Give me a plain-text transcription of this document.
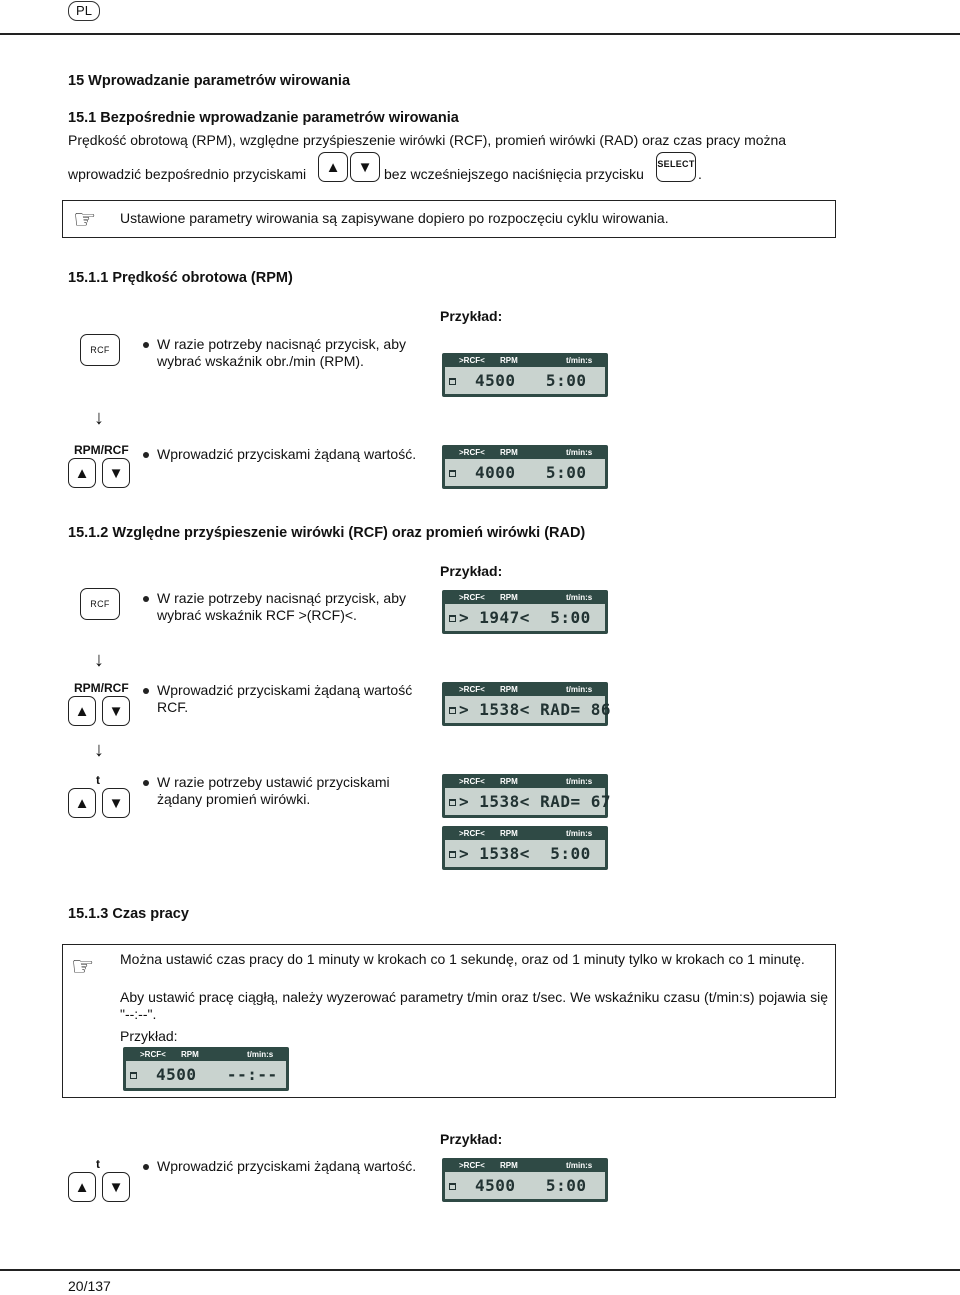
PL
15 Wprowadzanie parametrów wirowania
15.1 Bezpośrednie wprowadzanie parametrów wirowania
Prędkość obrotową (RPM), względne przyśpieszenie wirówki (RCF), promień wirówki (RAD) oraz czas pracy można
wprowadzić bezpośrednio przyciskami ▲ ▼ bez wcześniejszego naciśnięcia przycisku
SELECT
.
☞ Ustawione parametry wirowania są zapisywane dopiero po rozpoczęciu cyklu wirowania.
15.1.1 Prędkość obrotowa (RPM)
Przykład:
RCF	W razie potrzeby nacisnąć przycisk, aby wybrać wskaźnik obr./min (RPM).	>RCF< RPM	t/min:s
4500   5:00
↓
RPM/RCF
▲ ▼
Wprowadzić przyciskami żądaną wartość.	>RCF< RPM	t/min:s
4000   5:00
15.1.2 Względne przyśpieszenie wirówki (RCF) oraz promień wirówki (RAD)
Przykład:
RCF	W razie potrzeby nacisnąć przycisk, aby wybrać wskaźnik RCF >(RCF)<.
>RCF< RPM	t/min:s
> 1947<  5:00
↓
RPM/RCF
▲ ▼
Wprowadzić przyciskami żądaną wartość RCF.
>RCF< RPM	t/min:s
> 1538< RAD= 86
↓
t
▲ ▼
W razie potrzeby ustawić przyciskami żądany promień wirówki.
>RCF< RPM	t/min:s
> 1538< RAD= 67
>RCF< RPM	t/min:s
> 1538<  5:00
15.1.3 Czas pracy
☞ Można ustawić czas pracy do 1 minuty w krokach co 1 sekundę, oraz od 1 minuty tylko w krokach co 1 minutę.
Aby ustawić pracę ciągłą, należy wyzerować parametry t/min oraz t/sec. We wskaźniku czasu (t/min:s) pojawia się "--:--".
Przykład:
>RCF< RPM	t/min:s
4500   --:--
Przykład:
t
▲ ▼
Wprowadzić przyciskami żądaną wartość.	>RCF< RPM	t/min:s
4500   5:00
20/137
